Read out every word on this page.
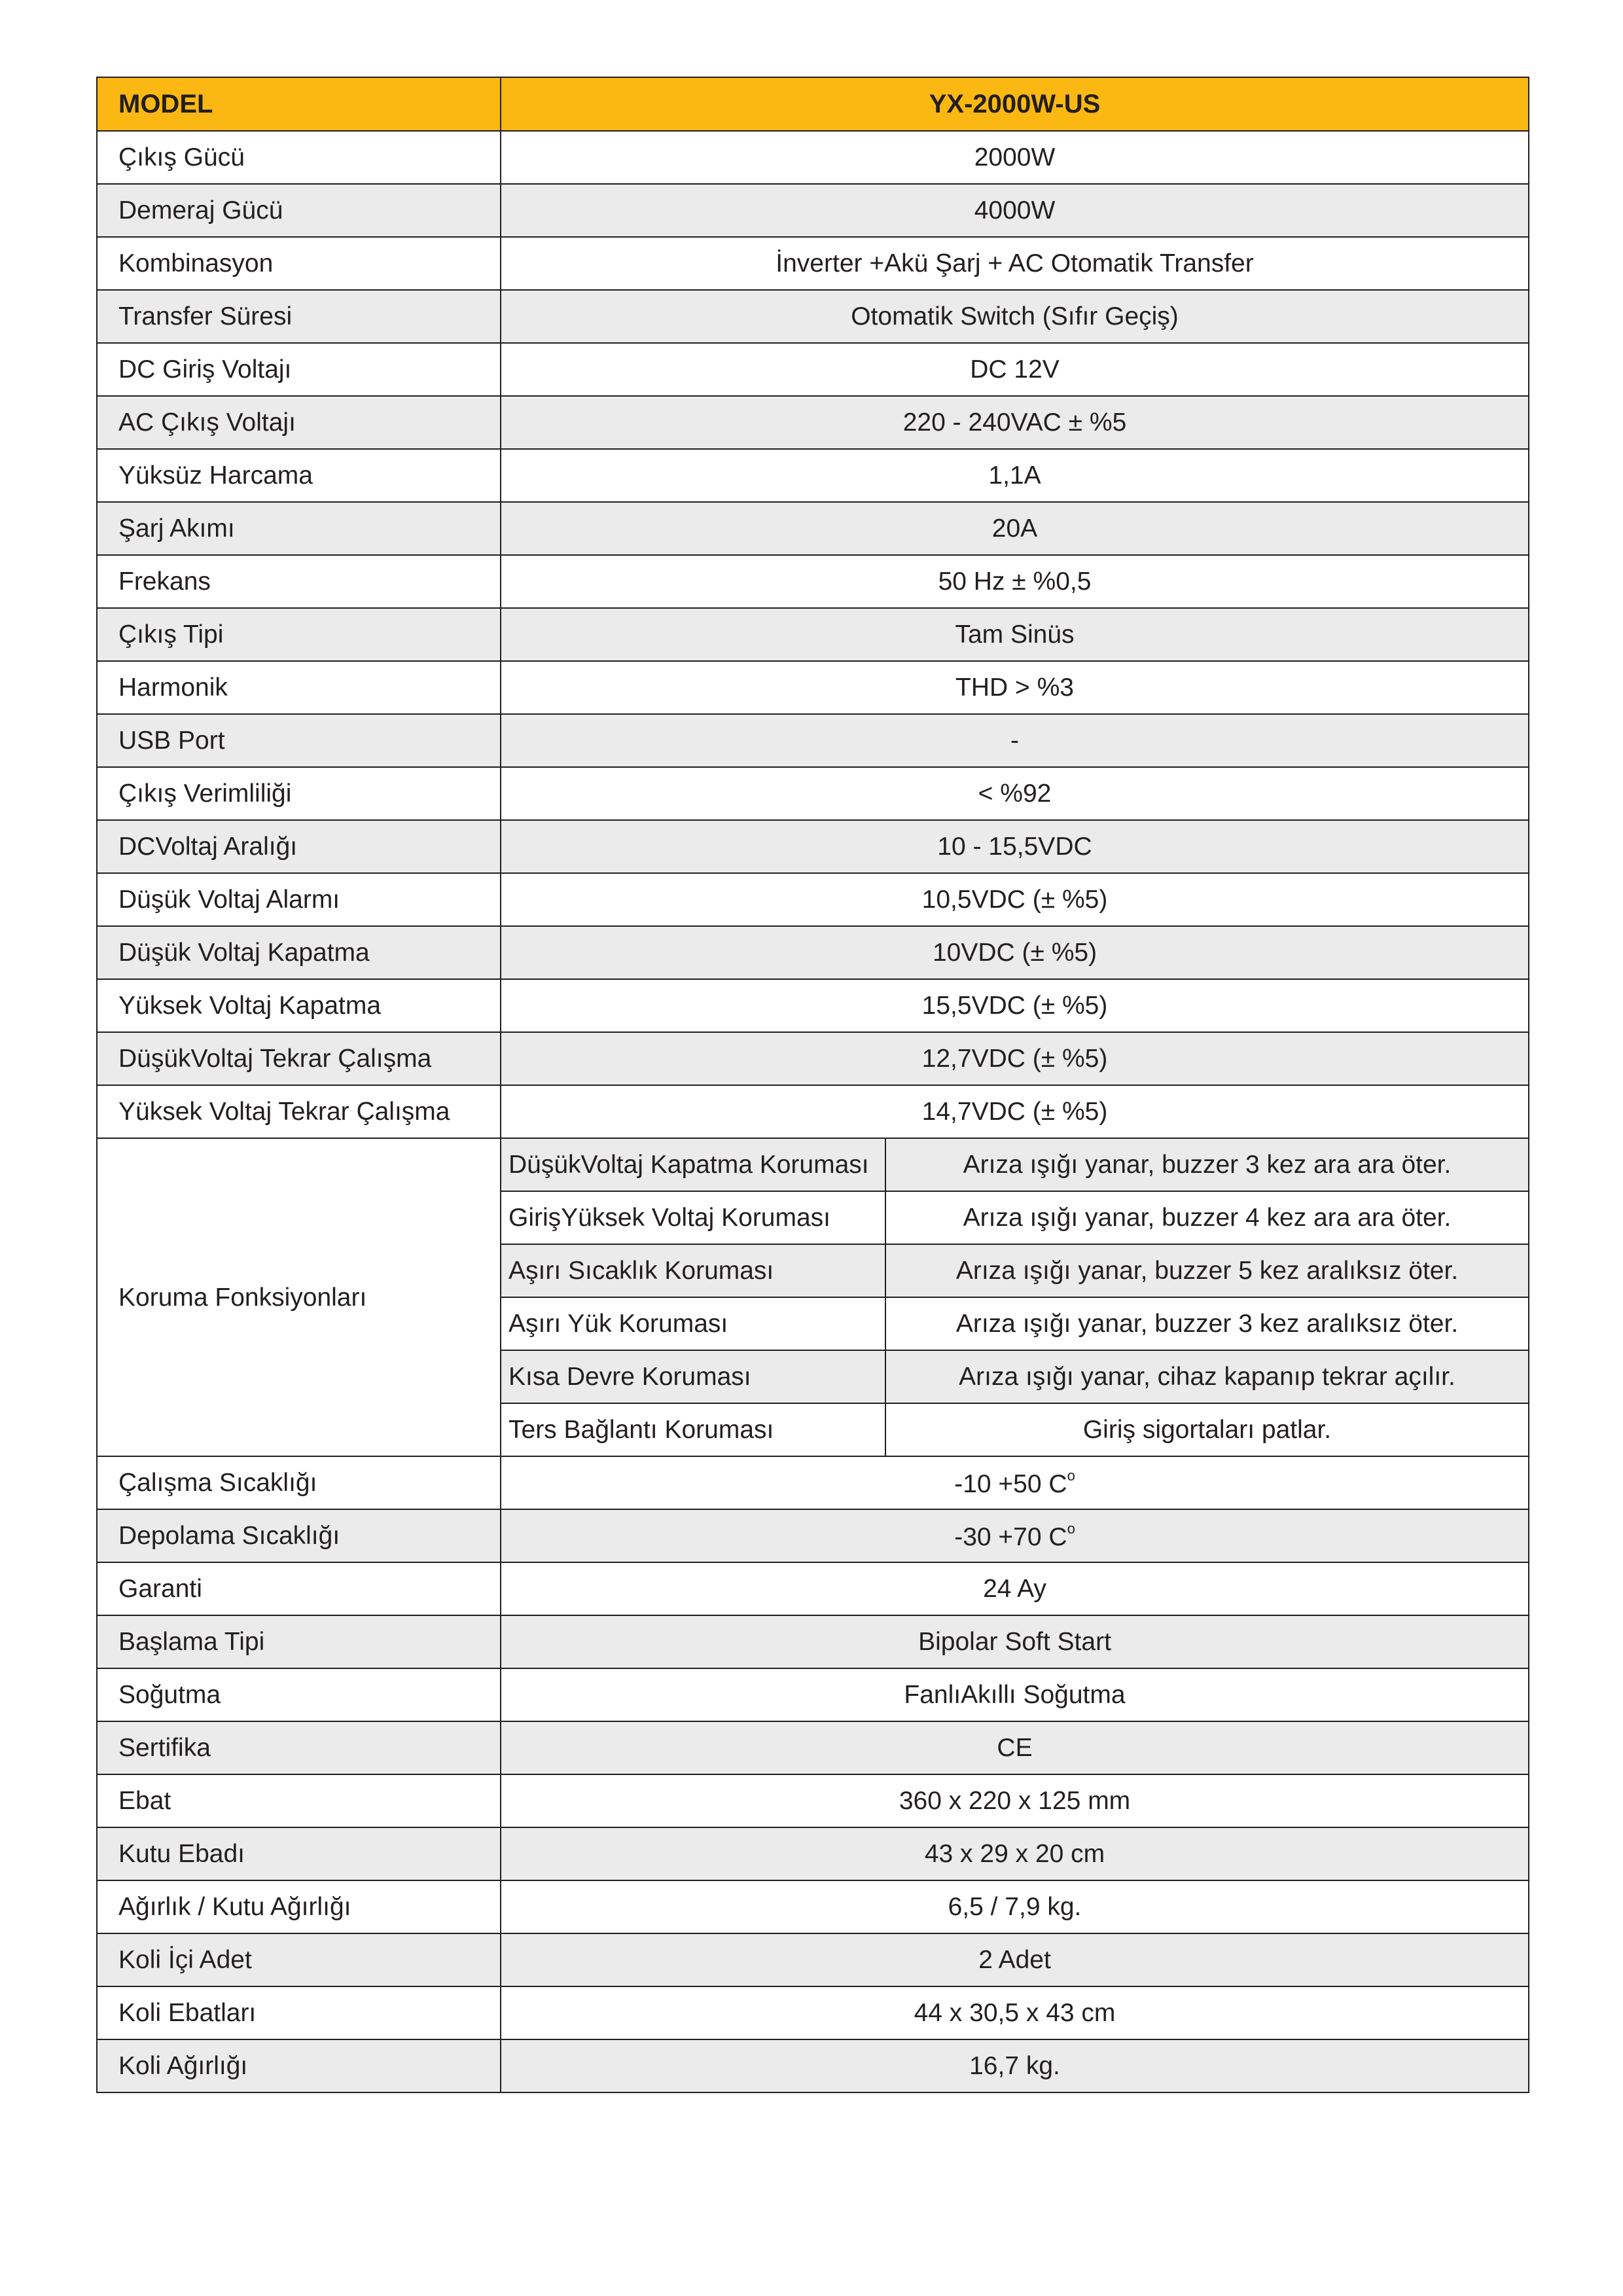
MODEL	YX-2000W-US	
Çıkış Gücü	2000W	
Demeraj Gücü	4000W	
Kombinasyon	İnverter +Akü Şarj + AC Otomatik Transfer	
Transfer Süresi	Otomatik Switch (Sıfır Geçiş)	
DC Giriş Voltajı	DC 12V	
AC Çıkış Voltajı	220 - 240VAC ± %5	
Yüksüz Harcama	1,1A	
Şarj Akımı	20A	
Frekans	50 Hz ± %0,5	
Çıkış Tipi	Tam Sinüs	
Harmonik	THD > %3	
USB Port	-	
Çıkış Verimliliği	< %92	
DCVoltaj Aralığı	10 - 15,5VDC	
Düşük Voltaj Alarmı	10,5VDC (± %5)	
Düşük Voltaj Kapatma	10VDC (± %5)	
Yüksek Voltaj Kapatma	15,5VDC (± %5)	
DüşükVoltaj Tekrar Çalışma	12,7VDC (± %5)	
Yüksek Voltaj Tekrar Çalışma	14,7VDC (± %5)	
Koruma Fonksiyonları	DüşükVoltaj Kapatma Koruması	Arıza ışığı yanar, buzzer 3 kez ara ara öter.
	GirişYüksek Voltaj Koruması	Arıza ışığı yanar, buzzer 4 kez ara ara öter.
	Aşırı Sıcaklık Koruması	Arıza ışığı yanar, buzzer 5 kez aralıksız öter.
	Aşırı Yük Koruması	Arıza ışığı yanar, buzzer 3 kez aralıksız öter.
	Kısa Devre Koruması	Arıza ışığı yanar, cihaz kapanıp tekrar açılır.
	Ters Bağlantı Koruması	Giriş sigortaları patlar.
Çalışma Sıcaklığı	-10 +50 $C^o$
Depolama Sıcaklığı	-30 +70 $C^o$
Garanti	24 Ay	
Başlama Tipi	Bipolar Soft Start	
Soğutma	FanlıAkıllı Soğutma	
Sertifika	CE	
Ebat	360 x 220 x 125 mm	
Kutu Ebadı	43 x 29 x 20 cm	
Ağırlık / Kutu Ağırlığı	6,5 / 7,9 kg.	
Koli İçi Adet	2 Adet	
Koli Ebatları	44 x 30,5 x 43 cm	
Koli Ağırlığı	16,7 kg.	
